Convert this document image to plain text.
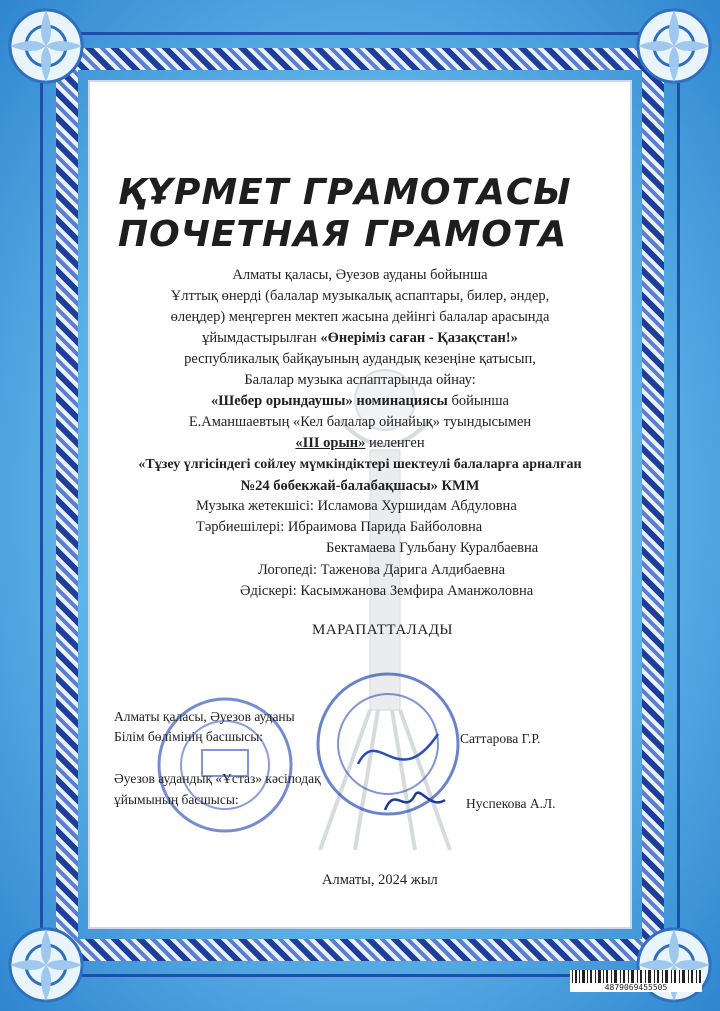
ҚҰРМЕТ ГРАМОТАСЫ
ПОЧЕТНАЯ ГРАМОТА
Алматы қаласы, Әуезов ауданы бойынша
Ұлттық өнерді (балалар музыкалық аспаптары, билер, әндер,
өлеңдер) меңгерген мектеп жасына дейінгі балалар арасында
ұйымдастырылған «Өнеріміз саған - Қазақстан!»
республикалық байқауының аудандық кезеңіне қатысып,
Балалар музыка аспаптарында ойнау:
«Шебер орындаушы» номинациясы бойынша
Е.Аманшаевтың «Кел балалар ойнайық» туындысымен
«III орын» иеленген
«Тұзеу үлгісіндегі сойлеу мүмкіндіктері шектеулі балаларға арналған
№24 бөбекжай-балабақшасы» КММ
Музыка жетекшісі: Исламова Хуршидам Абдуловна
Тәрбиешілері: Ибраимова Парида Байболовна
Бектамаева Гульбану Куралбаевна
Логопеді: Таженова Дарига Алдибаевна
Әдіскері: Касымжанова Земфира Аманжоловна
МАРАПАТТАЛАДЫ
Алматы қаласы, Әуезов ауданы
Білім бөлімінің басшысы:	Саттарова Г.Р.
Әуезов аудандық «Ұстаз» кәсіподақ
ұйымының басшысы:	Нуспекова А.Л.
Алматы, 2024 жыл
4879069455505
